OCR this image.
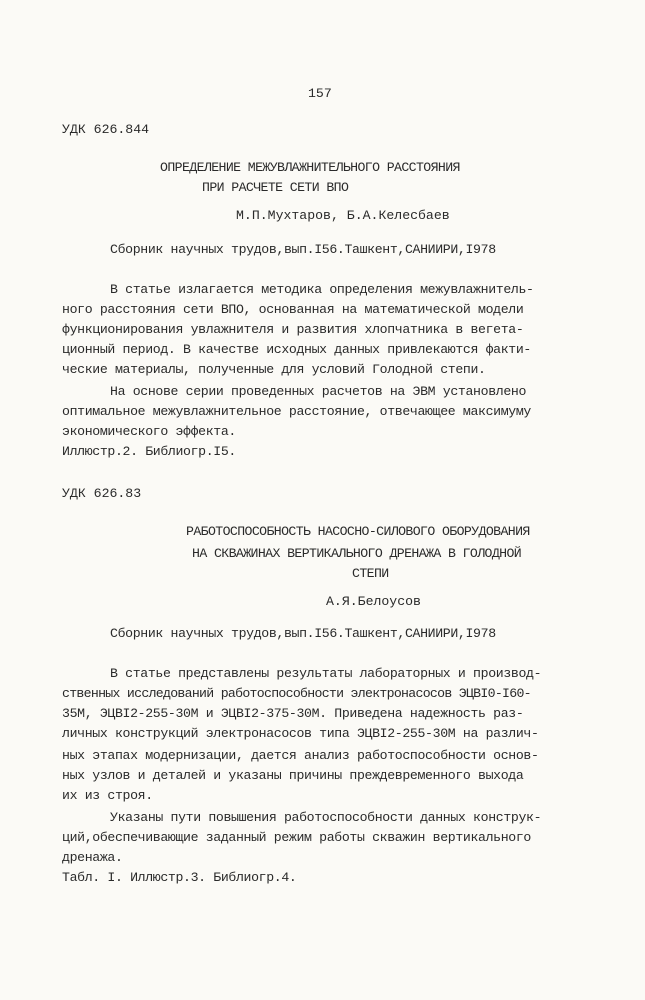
157
УДК 626.844
ОПРЕДЕЛЕНИЕ МЕЖУВЛАЖНИТЕЛЬНОГО РАССТОЯНИЯ
ПРИ РАСЧЕТЕ СЕТИ ВПО
М.П.Мухтаров, Б.А.Келесбаев
Сборник научных трудов,вып.I56.Ташкент,САНИИРИ,I978
В статье излагается методика определения межувлажнитель-
ного расстояния сети ВПО, основанная на математической модели
функционирования увлажнителя и развития хлопчатника в вегета-
ционный период. В качестве исходных данных привлекаются факти-
ческие материалы, полученные для условий Голодной степи.
На основе серии проведенных расчетов на ЭВМ установлено
оптимальное межувлажнительное расстояние, отвечающее максимуму
экономического эффекта.
Иллюстр.2. Библиогр.I5.
УДК 626.83
РАБОТОСПОСОБНОСТЬ НАСОСНО-СИЛОВОГО ОБОРУДОВАНИЯ
НА СКВАЖИНАХ ВЕРТИКАЛЬНОГО ДРЕНАЖА В ГОЛОДНОЙ
СТЕПИ
А.Я.Белоусов
Сборник научных трудов,вып.I56.Ташкент,САНИИРИ,I978
В статье представлены результаты лабораторных и производ-
ственных исследований работоспособности электронасосов ЭЦВI0-I60-
35М, ЭЦВI2-255-30М и ЭЦВI2-375-30М. Приведена надежность раз-
личных конструкций электронасосов типа ЭЦВI2-255-30М на различ-
ных этапах модернизации, дается анализ работоспособности основ-
ных узлов и деталей и указаны причины преждевременного выхода
их из строя.
Указаны пути повышения работоспособности данных конструк-
ций,обеспечивающие заданный режим работы скважин вертикального
дренажа.
Табл. I. Иллюстр.3. Библиогр.4.
